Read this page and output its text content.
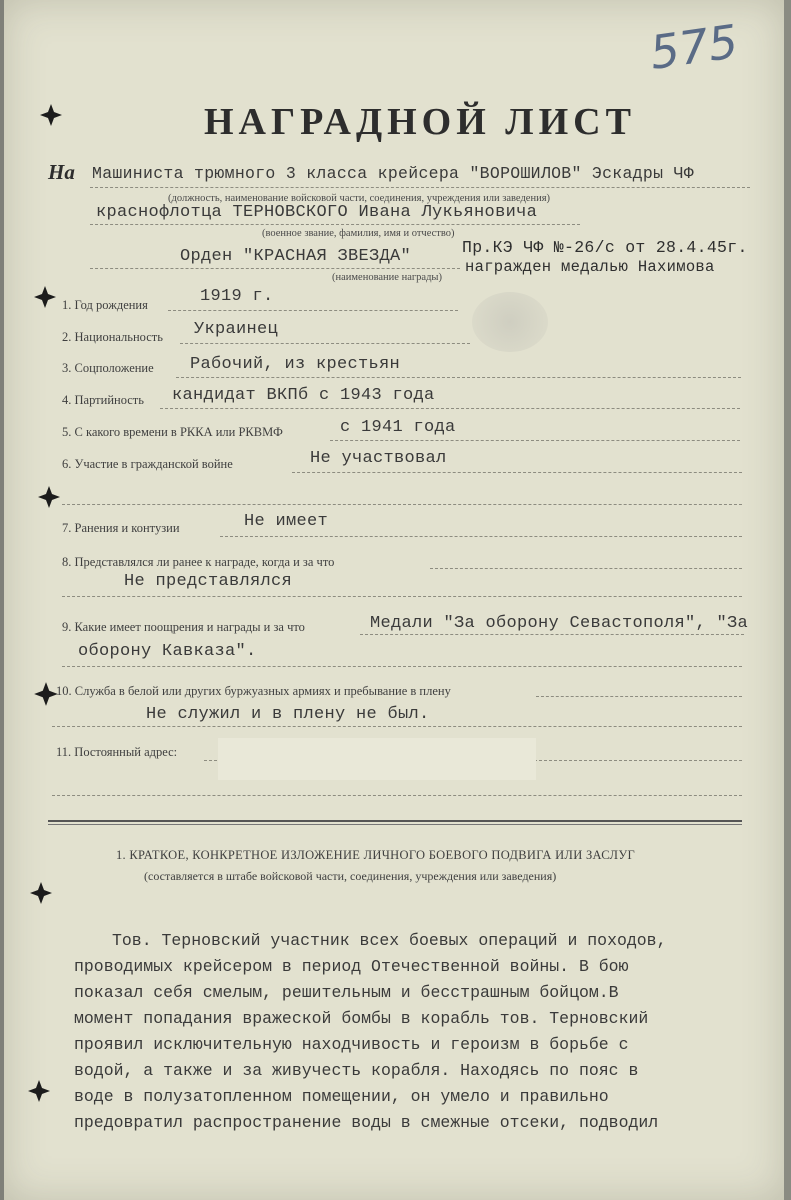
575
НАГРАДНОЙ ЛИСТ
На Машиниста трюмного 3 класса крейсера "ВОРОШИЛОВ" Эскадры ЧФ
(должность, наименование войсковой части, соединения, учреждения или заведения)
краснофлотца ТЕРНОВСКОГО Ивана Лукьяновича
(военное звание, фамилия, имя и отчество)
Орден "КРАСНАЯ ЗВЕЗДА"
(наименование награды)
Пр.КЭ ЧФ №-26/с от 28.4.45г.
награжден медалью Нахимова
1. Год рождения	1919 г.
2. Национальность Украинец
3. Соцположение Рабочий, из крестьян
4. Партийность кандидат ВКПб с 1943 года
5. С какого времени в РККА или РКВМФ	с 1941 года
6. Участие в гражданской войне	Не участвовал
7. Ранения и контузии	Не имеет
8. Представлялся ли ранее к награде, когда и за что
Не представлялся
9. Какие имеет поощрения и награды и за что	Медали "За оборону Севастополя", "За
оборону Кавказа".
10. Служба в белой или других буржуазных армиях и пребывание в плену
Не служил и в плену не был.
11. Постоянный адрес:
1. КРАТКОЕ, КОНКРЕТНОЕ ИЗЛОЖЕНИЕ ЛИЧНОГО БОЕВОГО ПОДВИГА ИЛИ ЗАСЛУГ
(составляется в штабе войсковой части, соединения, учреждения или заведения)
Тов. Терновский участник всех боевых операций и походов,
проводимых крейсером в период Отечественной войны. В бою
показал себя смелым, решительным и бесстрашным бойцом.В
момент попадания вражеской бомбы в корабль тов. Терновский
проявил исключительную находчивость и героизм в борьбе с
водой, а также и за живучесть корабля. Находясь по пояс в
воде в полузатопленном помещении, он умело и правильно
предовратил распространение воды в смежные отсеки, подводил
